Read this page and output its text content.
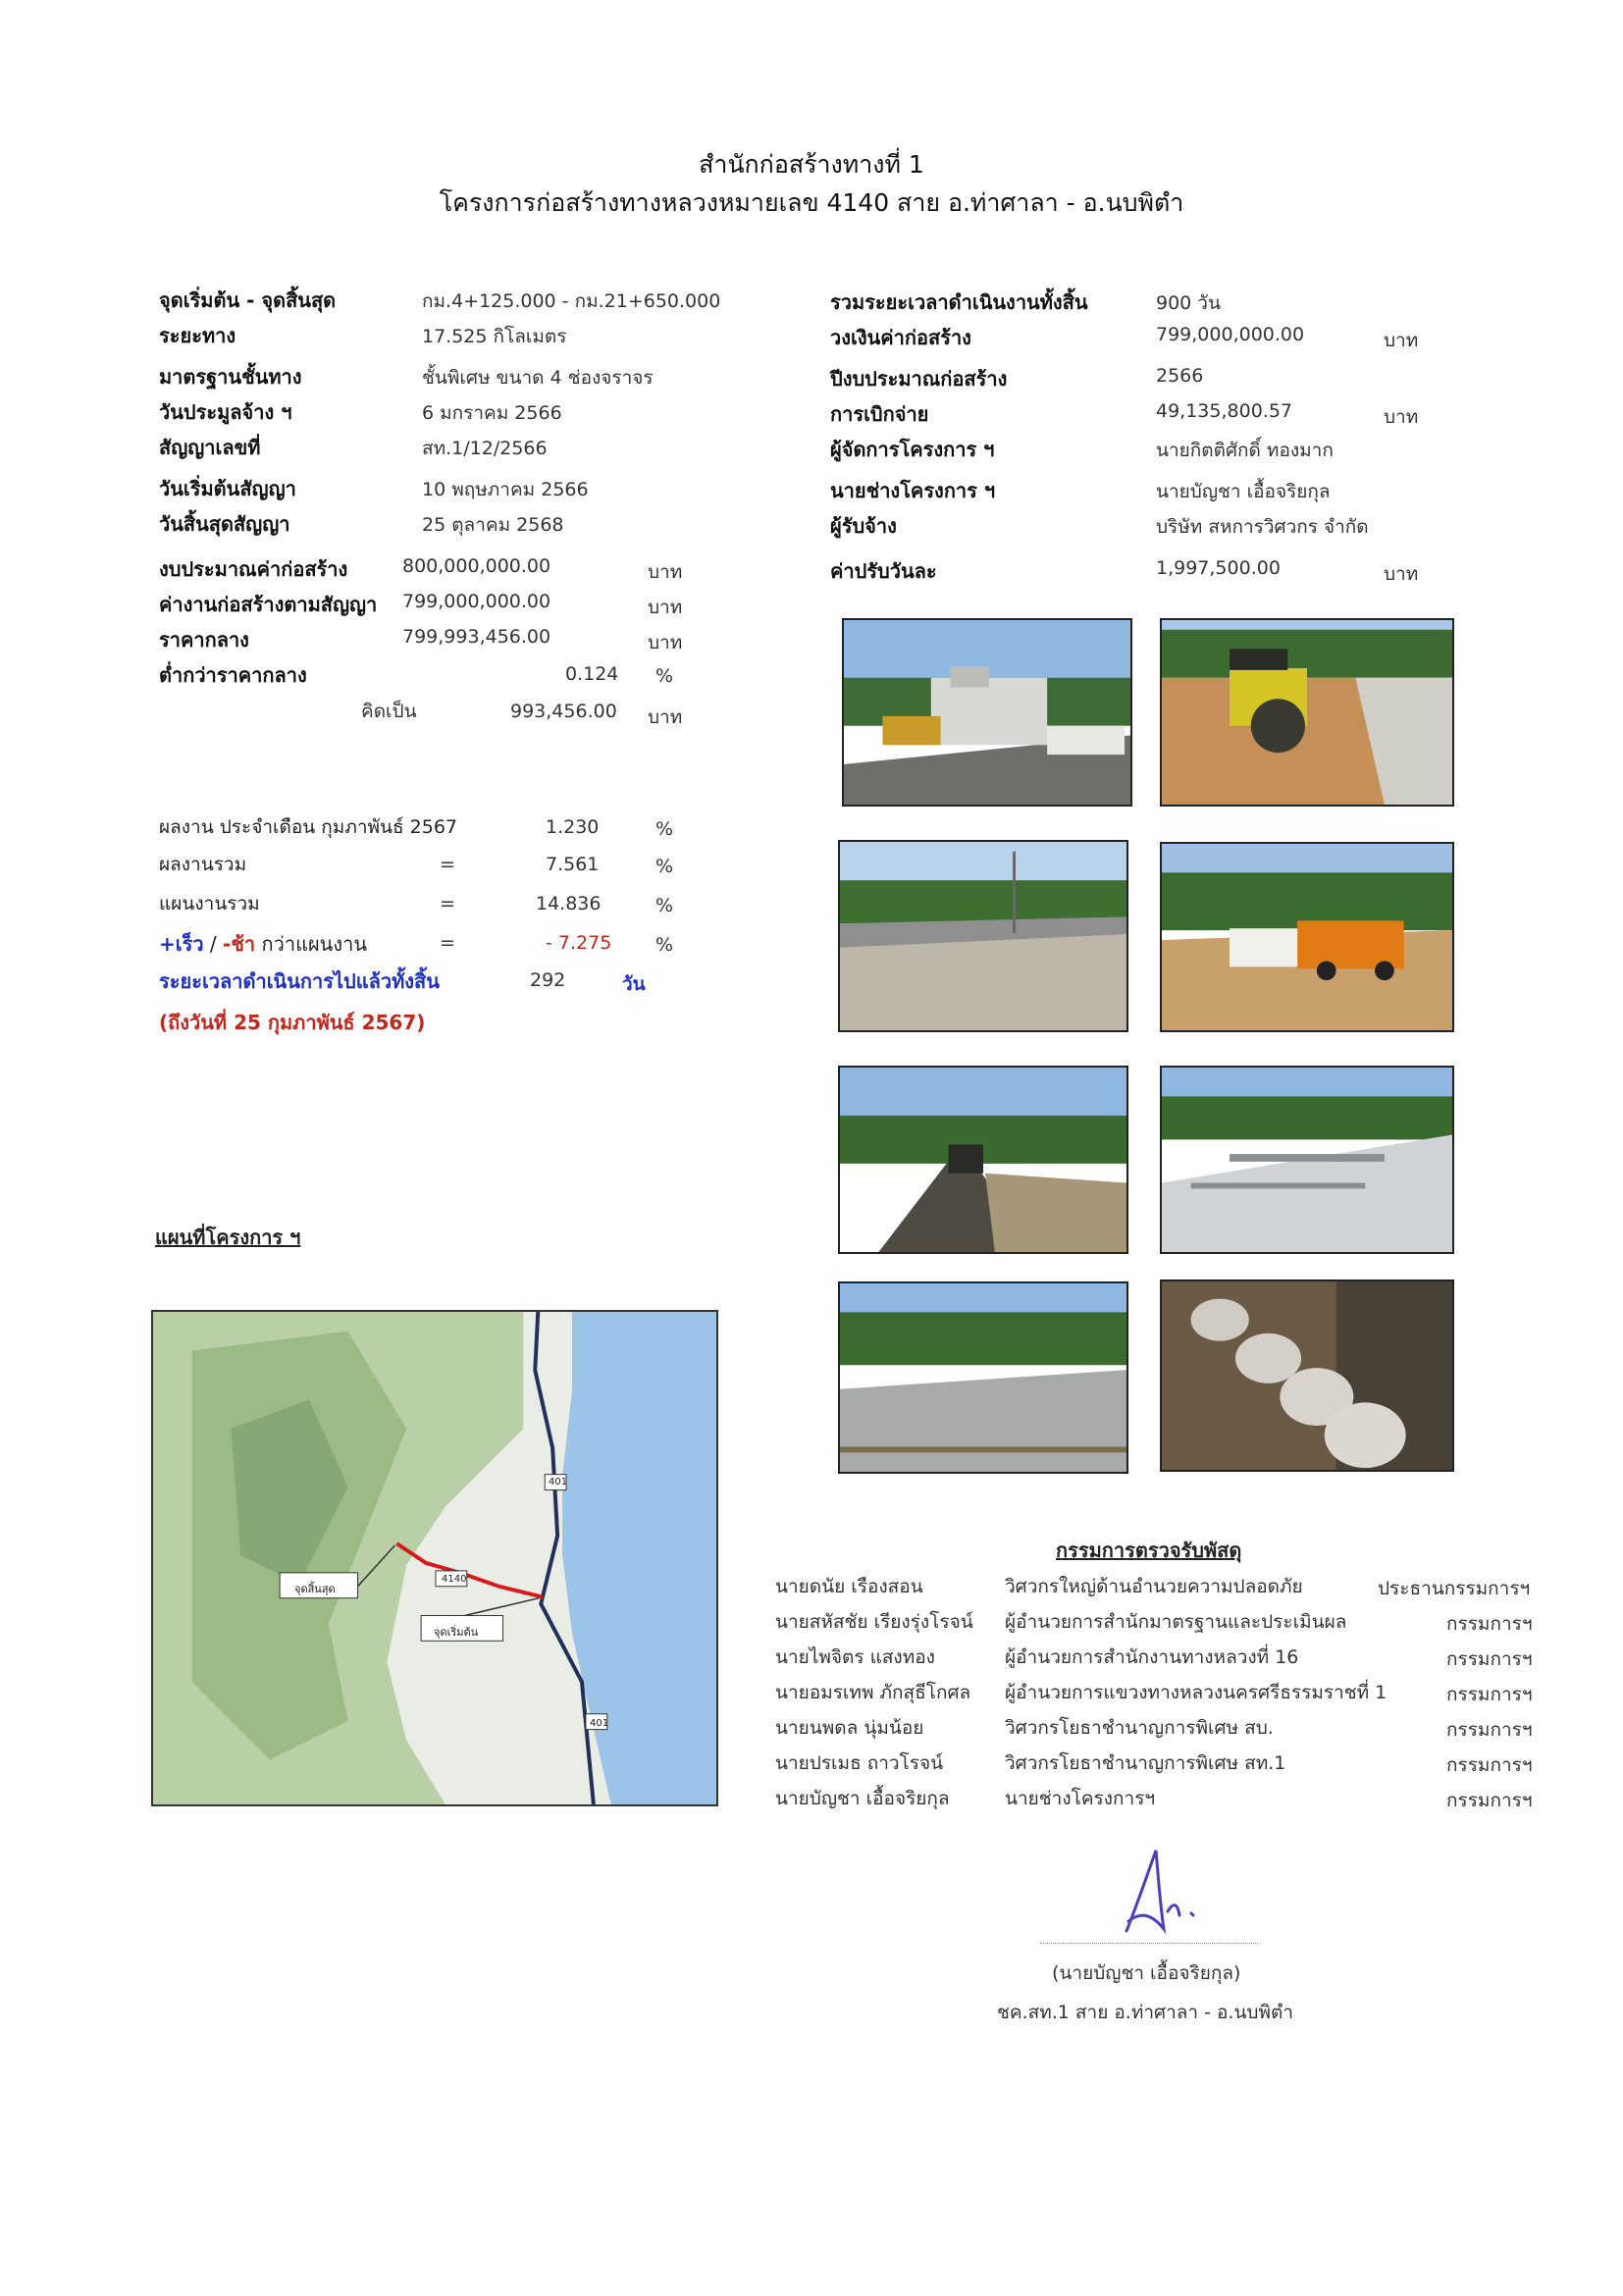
สำนักก่อสร้างทางที่ 1
โครงการก่อสร้างทางหลวงหมายเลข 4140 สาย อ.ท่าศาลา - อ.นบพิตำ
จุดเริ่มต้น - จุดสิ้นสุด	กม.4+125.000 - กม.21+650.000
ระยะทาง	17.525 กิโลเมตร
มาตรฐานชั้นทาง	ชั้นพิเศษ ขนาด 4 ช่องจราจร
วันประมูลจ้าง ฯ	6 มกราคม 2566
สัญญาเลขที่	สท.1/12/2566
วันเริ่มต้นสัญญา	10 พฤษภาคม 2566
วันสิ้นสุดสัญญา	25 ตุลาคม 2568
งบประมาณค่าก่อสร้าง	800,000,000.00	บาท
ค่างานก่อสร้างตามสัญญา 799,000,000.00	บาท
ราคากลาง	799,993,456.00	บาท
ต่ำกว่าราคากลาง	0.124 %
คิดเป็น	993,456.00 บาท
รวมระยะเวลาดำเนินงานทั้งสิ้น	900 วัน
วงเงินค่าก่อสร้าง	799,000,000.00	บาท
ปีงบประมาณก่อสร้าง	2566
การเบิกจ่าย	49,135,800.57	บาท
ผู้จัดการโครงการ ฯ	นายกิตติศักดิ์ ทองมาก
นายช่างโครงการ ฯ	นายบัญชา เอื้อจริยกุล
ผู้รับจ้าง	บริษัท สหการวิศวกร จำกัด
ค่าปรับวันละ	1,997,500.00	บาท
ผลงาน ประจำเดือน กุมภาพันธ์ 2567	1.230	%
ผลงานรวม	=	7.561	%
แผนงานรวม	=	14.836	%
+เร็ว / -ช้า กว่าแผนงาน	=	- 7.275 %
ระยะเวลาดำเนินการไปแล้วทั้งสิ้น	292	วัน
(ถึงวันที่ 25 กุมภาพันธ์ 2567)
แผนที่โครงการ ฯ
401
4140
401
จุดสิ้นสุด
จุดเริ่มต้น
กรรมการตรวจรับพัสดุ
นายดนัย เรืองสอน	วิศวกรใหญ่ด้านอำนวยความปลอดภัย	ประธานกรรมการฯ
นายสหัสชัย เรียงรุ่งโรจน์ ผู้อำนวยการสำนักมาตรฐานและประเมินผล	กรรมการฯ
นายไพจิตร แสงทอง	ผู้อำนวยการสำนักงานทางหลวงที่ 16	กรรมการฯ
นายอมรเทพ ภักสุธีโกศล ผู้อำนวยการแขวงทางหลวงนครศรีธรรมราชที่ 1	กรรมการฯ
นายนพดล นุ่มน้อย	วิศวกรโยธาชำนาญการพิเศษ สบ.	กรรมการฯ
นายปรเมธ ถาวโรจน์	วิศวกรโยธาชำนาญการพิเศษ สท.1	กรรมการฯ
นายบัญชา เอื้อจริยกุล	นายช่างโครงการฯ	กรรมการฯ
(นายบัญชา เอื้อจริยกุล)
ชค.สท.1 สาย อ.ท่าศาลา - อ.นบพิตำ
